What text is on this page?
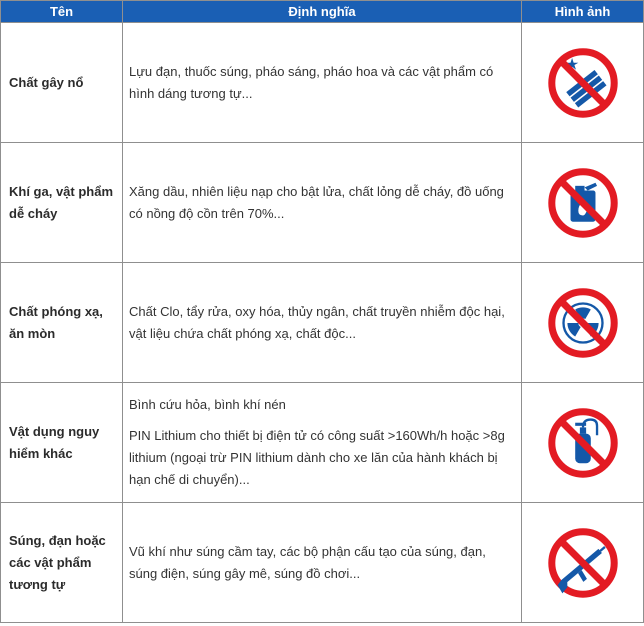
Tên	Định nghĩa	Hình ảnh
Chất gây nổ	Lựu đạn, thuốc súng, pháo sáng, pháo hoa và các vật phẩm có hình dáng tương tự...

Khí ga, vật phẩm dễ cháy	Xăng dầu, nhiên liệu nạp cho bật lửa, chất lỏng dễ cháy, đồ uống có nồng độ cồn trên 70%...

Chất phóng xạ, ăn mòn	Chất Clo, tẩy rửa, oxy hóa, thủy ngân, chất truyền nhiễm độc hại, vật liệu chứa chất phóng xạ, chất độc...

Vật dụng nguy hiểm khác	Bình cứu hỏa, bình khí nén

PIN Lithium cho thiết bị điện tử có công suất >160Wh/h hoặc >8g lithium (ngoại trừ PIN lithium dành cho xe lăn của hành khách bị hạn chế di chuyển)...

Súng, đạn hoặc các vật phẩm tương tự	Vũ khí như súng cầm tay, các bộ phận cấu tạo của súng, đạn, súng điện, súng gây mê, súng đồ chơi...
